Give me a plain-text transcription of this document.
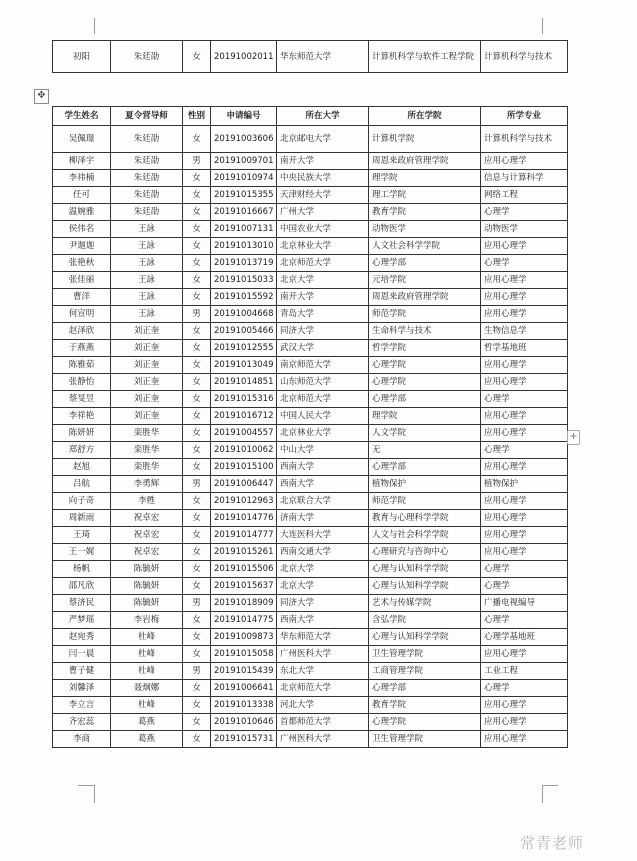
初阳	朱廷劭	女	20191002011	华东师范大学	计算机科学与软件工程学院	计算机科学与技术
✥
学生姓名	夏令营导师	性别	申请编号	所在大学	所在学院	所学专业
吴佩璟	朱廷劭	女	20191003606	北京邮电大学	计算机学院	计算机科学与技术
柳泽宇	朱廷劭	男	20191009701	南开大学	周恩来政府管理学院	应用心理学
李祎楠	朱廷劭	女	20191010974	中央民族大学	理学院	信息与计算科学
任可	朱廷劭	女	20191015355	天津财经大学	理工学院	网络工程
温婉雅	朱廷劭	女	20191016667	广州大学	教育学院	心理学
侯伟名	王詠	女	20191007131	中国农业大学	动物医学	动物医学
尹迦迦	王詠	女	20191013010	北京林业大学	人文社会科学学院	应用心理学
张艳秋	王詠	女	20191013719	北京师范大学	心理学部	心理学
张佳丽	王詠	女	20191015033	北京大学	元培学院	应用心理学
曹洋	王詠	女	20191015592	南开大学	周恩来政府管理学院	应用心理学
何宣明	王詠	男	20191004668	青岛大学	师范学院	应用心理学
赵泽欣	刘正奎	女	20191005466	同济大学	生命科学与技术	生物信息学
于燕燕	刘正奎	女	20191012555	武汉大学	哲学学院	哲学基地班
陈雅茹	刘正奎	女	20191013049	南京师范大学	心理学院	应用心理学
张静怡	刘正奎	女	20191014851	山东师范大学	心理学院	应用心理学
蔡旻昱	刘正奎	女	20191015316	北京师范大学	心理学部	心理学
李祥艳	刘正奎	女	20191016712	中国人民大学	理学院	应用心理学
陈妍妍	栾胜华	女	20191004557	北京林业大学	人文学院	应用心理学
郑舒方	栾胜华	女	20191010062	中山大学	无	心理学
赵旭	栾胜华	女	20191015100	西南大学	心理学部	应用心理学
吕航	李勇辉	男	20191006447	西南大学	植物保护	植物保护
向子奇	李甦	女	20191012963	北京联合大学	师范学院	应用心理学
周新雨	祝卓宏	女	20191014776	济南大学	教育与心理科学学院	应用心理学
王琦	祝卓宏	女	20191014777	大连医科大学	人文与社会科学学院	应用心理学
王一娓	祝卓宏	女	20191015261	西南交通大学	心理研究与咨询中心	应用心理学
杨帆	陈毓妍	女	20191015506	北京大学	心理与认知科学学院	心理学
邵凡欣	陈毓妍	女	20191015637	北京大学	心理与认知科学学院	心理学
蔡济民	陈毓妍	男	20191018909	同济大学	艺术与传媒学院	广播电视编导
严梦瑶	李岩梅	女	20191014775	西南大学	含弘学院	心理学
赵宛秀	杜峰	女	20191009873	华东师范大学	心理与认知科学学院	心理学基地班
闫一晨	杜峰	女	20191015058	广州医科大学	卫生管理学院	应用心理学
曹子健	杜峰	男	20191015439	东北大学	工商管理学院	工业工程
刘馨泽	聂炯娜	女	20191006641	北京师范大学	心理学部	心理学
李立言	杜峰	女	20191013338	河北大学	教育学院	应用心理学
齐宏蕊	葛燕	女	20191010646	首都师范大学	心理学院	应用心理学
李商	葛燕	女	20191015731	广州医科大学	卫生管理学院	应用心理学
+
常青老师
